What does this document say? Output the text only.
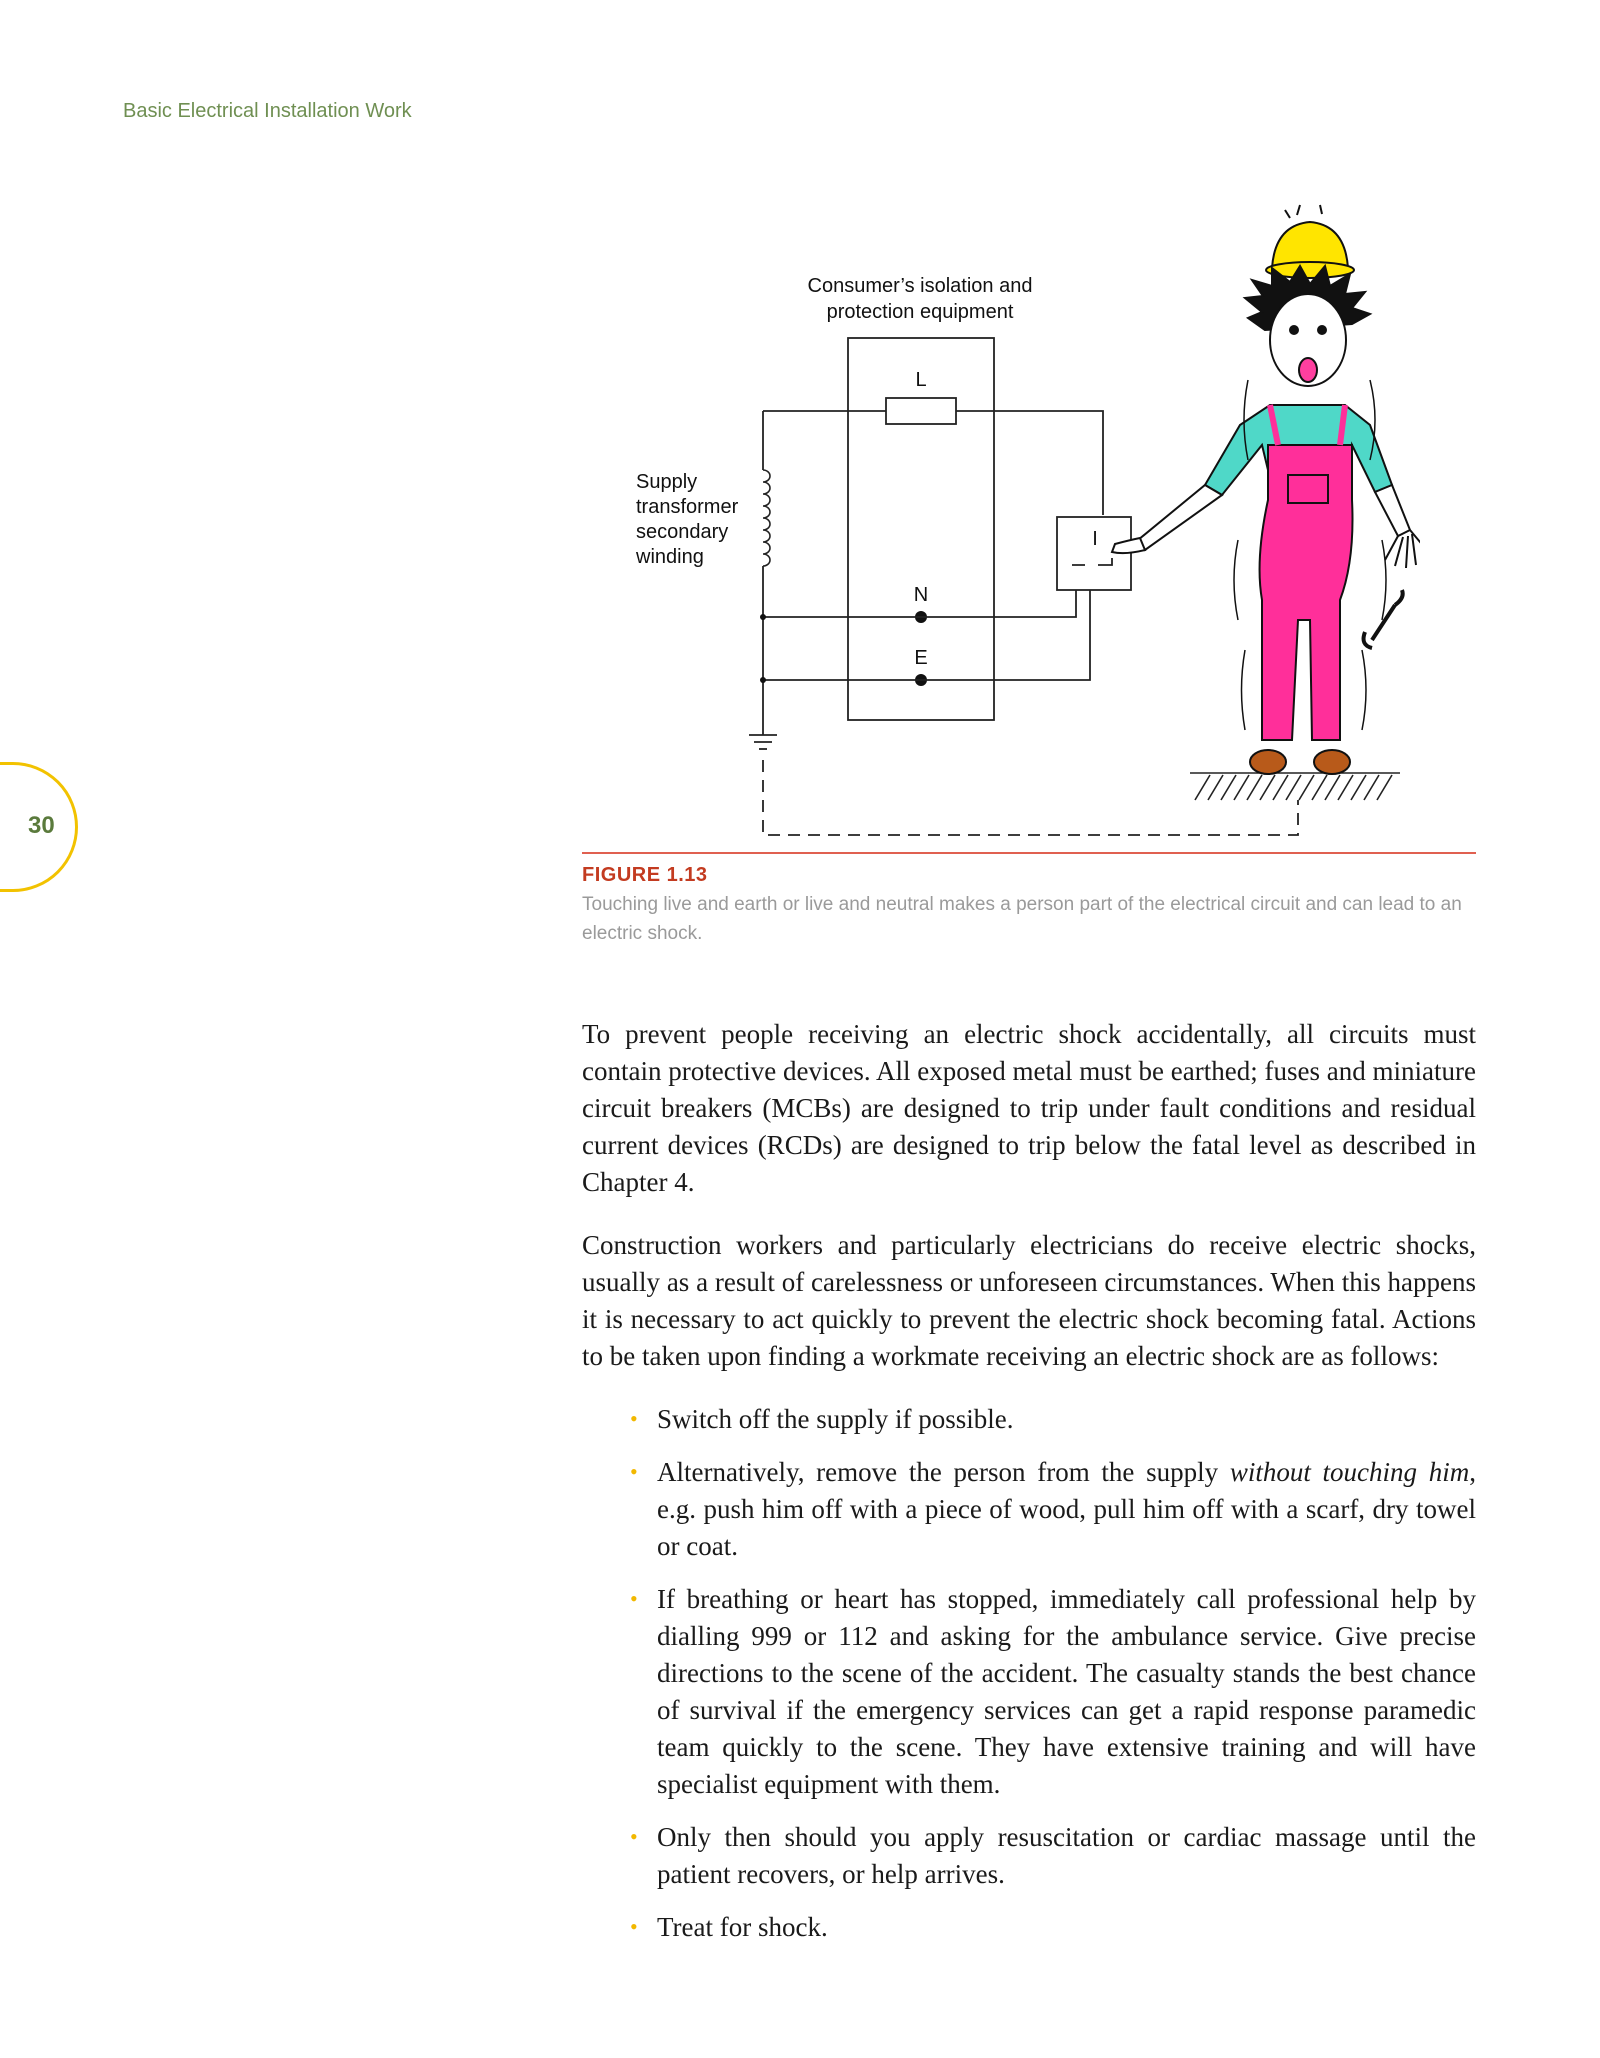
Basic Electrical Installation Work
30
Consumer’s isolation and
protection equipment
Supply
transformer
secondary
winding
L
N
E
I
FIGURE 1.13
Touching live and earth or live and neutral makes a person part of the electrical circuit and can lead to an electric shock.

To prevent people receiving an electric shock accidentally, all circuits must contain protective devices. All exposed metal must be earthed; fuses and miniature circuit breakers (MCBs) are designed to trip under fault conditions and residual current devices (RCDs) are designed to trip below the fatal level as described in Chapter 4.

Construction workers and particularly electricians do receive electric shocks, usually as a result of carelessness or unforeseen circumstances. When this happens it is necessary to act quickly to prevent the electric shock becoming fatal. Actions to be taken upon finding a workmate receiving an electric shock are as follows:

• Switch off the supply if possible.
• Alternatively, remove the person from the supply without touching him, e.g. push him off with a piece of wood, pull him off with a scarf, dry towel or coat.
• If breathing or heart has stopped, immediately call professional help by dialling 999 or 112 and asking for the ambulance service. Give precise directions to the scene of the accident. The casualty stands the best chance of survival if the emergency services can get a rapid response paramedic team quickly to the scene. They have extensive training and will have specialist equipment with them.
• Only then should you apply resuscitation or cardiac massage until the patient recovers, or help arrives.
• Treat for shock.
